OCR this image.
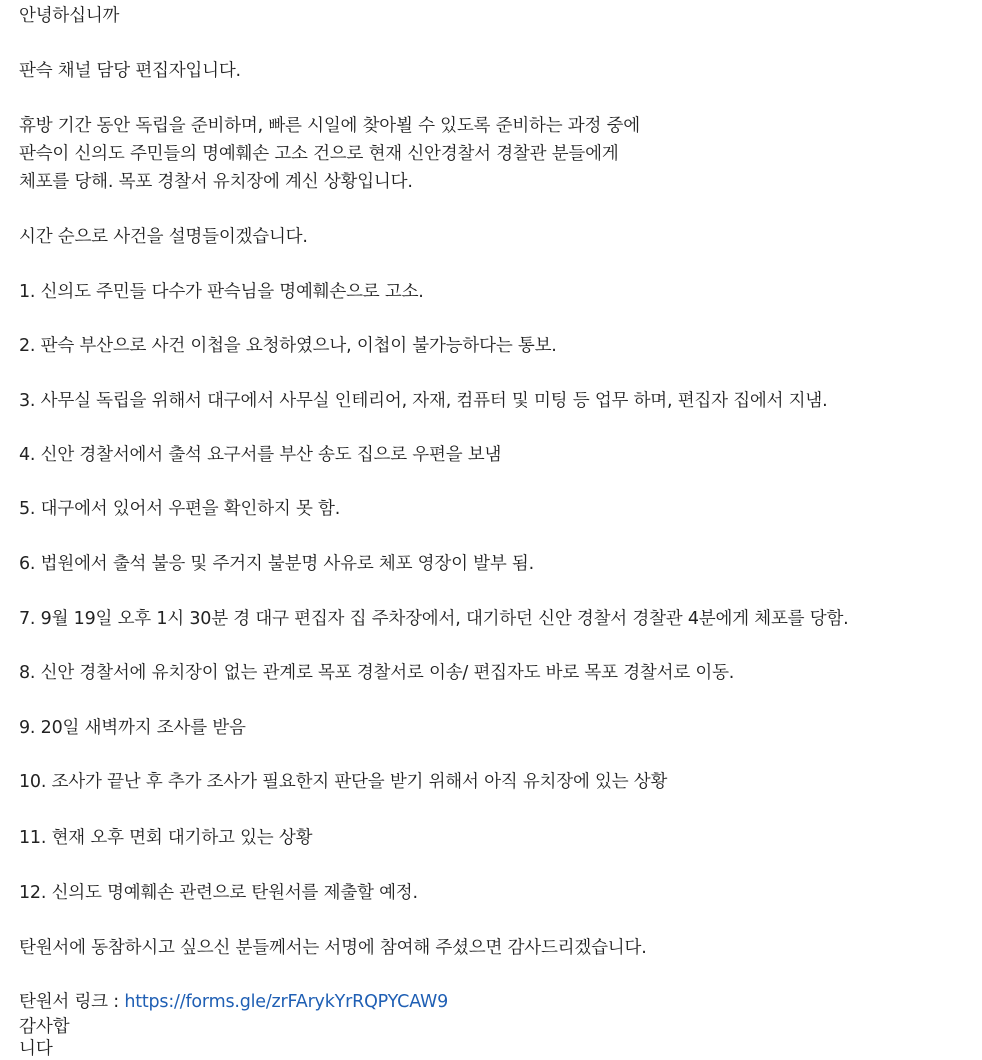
안녕하십니까
판슥 채널 담당 편집자입니다.
휴방 기간 동안 독립을 준비하며, 빠른 시일에 찾아뵐 수 있도록 준비하는 과정 중에
판슥이 신의도 주민들의 명예훼손 고소 건으로 현재 신안경찰서 경찰관 분들에게
체포를 당해. 목포 경찰서 유치장에 계신 상황입니다.
시간 순으로 사건을 설명들이겠습니다.
1. 신의도 주민들 다수가 판슥님을 명예훼손으로 고소.
2. 판슥 부산으로 사건 이첩을 요청하였으나, 이첩이 불가능하다는 통보.
3. 사무실 독립을 위해서 대구에서 사무실 인테리어, 자재, 컴퓨터 및 미팅 등 업무 하며, 편집자 집에서 지냄.
4. 신안 경찰서에서 출석 요구서를 부산 송도 집으로 우편을 보냄
5. 대구에서 있어서 우편을 확인하지 못 함.
6. 법원에서 출석 불응 및 주거지 불분명 사유로 체포 영장이 발부 됨.
7. 9월 19일 오후 1시 30분 경 대구 편집자 집 주차장에서, 대기하던 신안 경찰서 경찰관 4분에게 체포를 당함.
8. 신안 경찰서에 유치장이 없는 관계로 목포 경찰서로 이송/ 편집자도 바로 목포 경찰서로 이동.
9. 20일 새벽까지 조사를 받음
10. 조사가 끝난 후 추가 조사가 필요한지 판단을 받기 위해서 아직 유치장에 있는 상황
11. 현재 오후 면회 대기하고 있는 상황
12. 신의도 명예훼손 관련으로 탄원서를 제출할 예정.
탄원서에 동참하시고 싶으신 분들께서는 서명에 참여해 주셨으면 감사드리겠습니다.
탄원서 링크 : https://forms.gle/zrFArykYrRQPYCAW9
감사합니다
